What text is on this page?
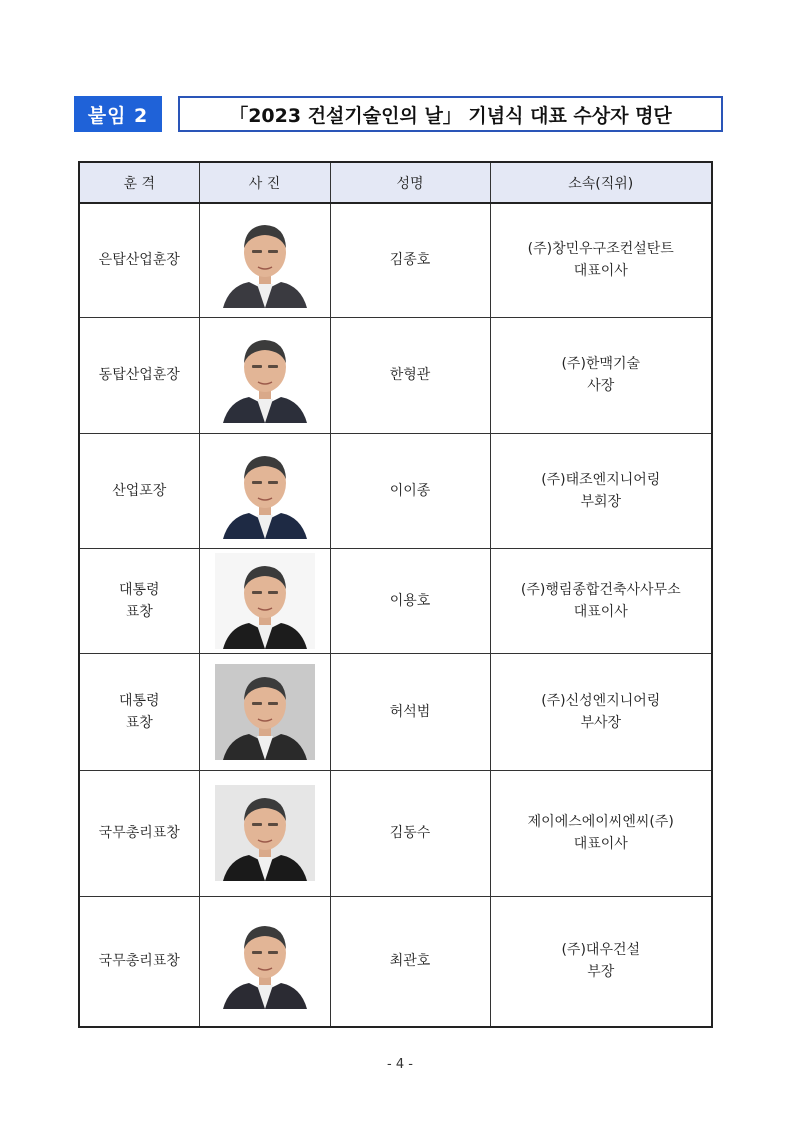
붙임 2	「2023 건설기술인의 날」 기념식 대표 수상자 명단
훈 격	사 진	성명	소속(직위)

은탑산업훈장		김종호	(주)창민우구조컨설탄트
대표이사

동탑산업훈장		한형관	(주)한맥기술
사장

산업포장		이이종	(주)태조엔지니어링
부회장

대통령
표창		이용호	(주)행림종합건축사사무소
대표이사

대통령
표창		허석범	(주)신성엔지니어링
부사장

국무총리표창		김동수	제이에스에이씨엔씨(주)
대표이사

국무총리표창		최관호	(주)대우건설
부장
- 4 -
